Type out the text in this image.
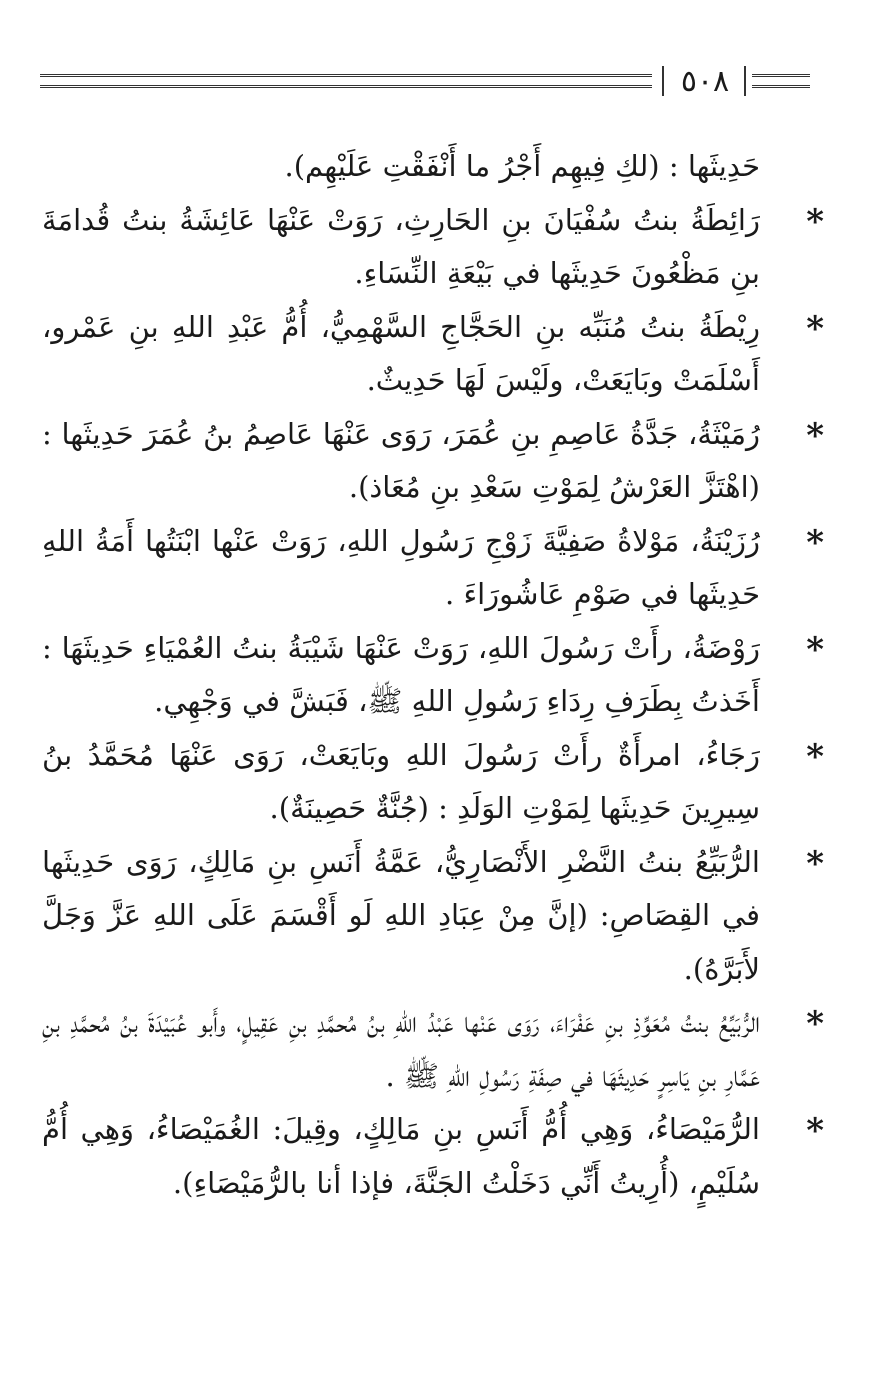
٥٠٨

حَدِيثَها : (لكِ فِيهِم أَجْرُ ما أَنْفَقْتِ عَلَيْهِم).

*
رَائِطَةُ بنتُ سُفْيَانَ بنِ الحَارِثِ، رَوَتْ عَنْهَا عَائِشَةُ بنتُ قُدامَةَ بنِ مَظْعُونَ حَدِيثَها في بَيْعَةِ النِّسَاءِ.
*
رِيْطَةُ بنتُ مُنَبِّه بنِ الحَجَّاجِ السَّهْمِيُّ، أُمُّ عَبْدِ اللهِ بنِ عَمْرو، أَسْلَمَتْ وبَايَعَتْ، ولَيْسَ لَهَا حَدِيثٌ.
*
رُمَيْثَةُ، جَدَّةُ عَاصِمِ بنِ عُمَرَ، رَوَى عَنْهَا عَاصِمُ بنُ عُمَرَ حَدِيثَها : (اهْتَزَّ العَرْشُ لِمَوْتِ سَعْدِ بنِ مُعَاذ).
*
رُزَيْنَةُ، مَوْلاةُ صَفِيَّةَ زَوْجِ رَسُولِ اللهِ، رَوَتْ عَنْها ابْنَتُها أَمَةُ اللهِ حَدِيثَها في صَوْمِ عَاشُورَاءَ .
*
رَوْضَةُ، رأَتْ رَسُولَ اللهِ، رَوَتْ عَنْهَا شَيْبَةُ بنتُ العُمْيَاءِ حَدِيثَهَا : أَخَذتُ بِطَرَفِ رِدَاءِ رَسُولِ اللهِ ﷺ، فَبَشَّ في وَجْهِي.
*
رَجَاءُ، امرأَةٌ رأَتْ رَسُولَ اللهِ وبَايَعَتْ، رَوَى عَنْهَا مُحَمَّدُ بنُ سِيرِينَ حَدِيثَها لِمَوْتِ الوَلَدِ : (جُنَّةٌ حَصِينَةٌ).
*
الرُّبَيِّعُ بنتُ النَّضْرِ الأَنْصَارِيُّ، عَمَّةُ أَنَسِ بنِ مَالِكٍ، رَوَى حَدِيثَها في القِصَاصِ: (إنَّ مِنْ عِبَادِ اللهِ لَو أَقْسَمَ عَلَى اللهِ عَزَّ وَجَلَّ لأَبَرَّهُ).
*
الرُّبَيِّعُ بنتُ مُعَوِّذِ بنِ عَفْرَاءَ، رَوَى عَنْها عَبْدُ اللهِ بنُ مُحمَّدِ بنِ عَقِيلٍ، وأَبو عُبَيْدَةَ بنُ مُحمَّدِ بنِ عَمَّارِ بنِ يَاسِرٍ حَدِيثَهَا في صِفَةِ رَسُولِ اللهِ ﷺ .
*
الرُّمَيْصَاءُ، وَهِي أُمُّ أَنَسِ بنِ مَالِكٍ، وقِيلَ: الغُمَيْصَاءُ، وَهِي أُمُّ سُلَيْمٍ، (أُرِيتُ أَنِّي دَخَلْتُ الجَنَّةَ، فإذا أنا بالرُّمَيْصَاءِ).
